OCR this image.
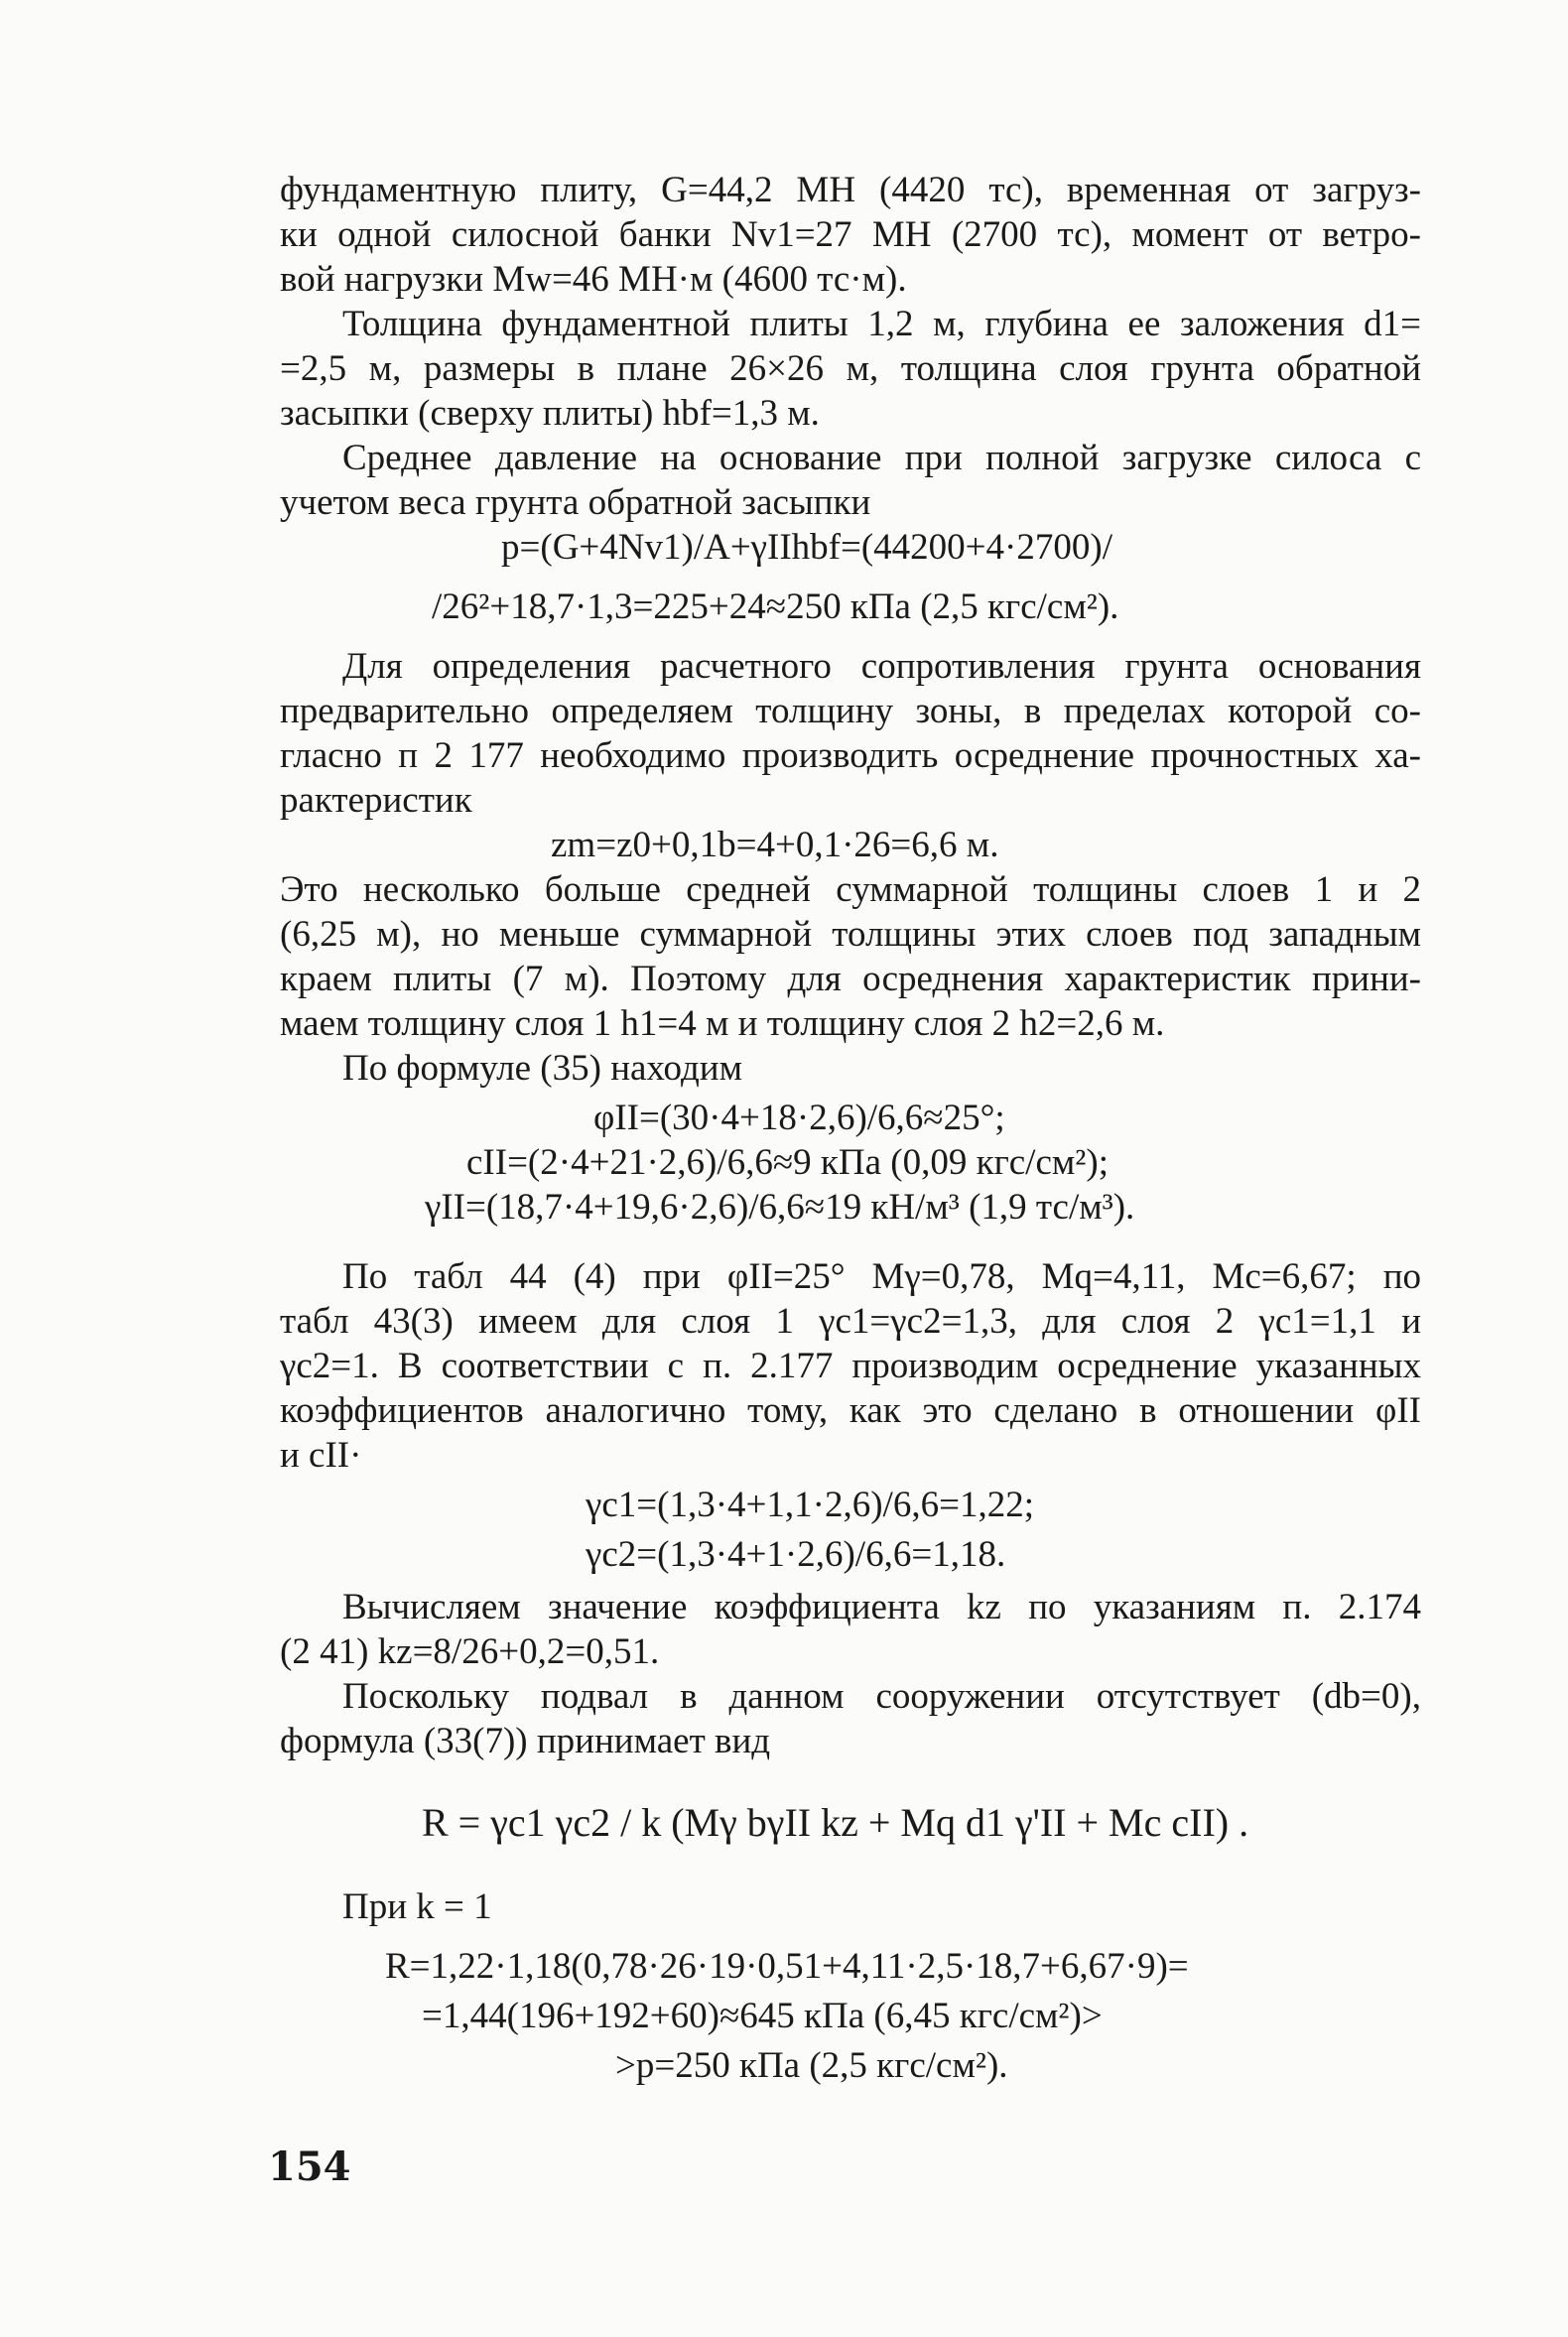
фундаментную плиту, G=44,2 МН (4420 тс), временная от загруз-
ки одной силосной банки Nv1=27 МН (2700 тс), момент от ветро-
вой нагрузки Mw=46 МН·м (4600 тс·м).
Толщина фундаментной плиты 1,2 м, глубина ее заложения d1=
=2,5 м, размеры в плане 26×26 м, толщина слоя грунта обратной
засыпки (сверху плиты) hbf=1,3 м.
Среднее давление на основание при полной загрузке силоса с
учетом веса грунта обратной засыпки
p=(G+4Nv1)/A+γIIhbf=(44200+4·2700)/
/26²+18,7·1,3=225+24≈250 кПа (2,5 кгс/см²).
Для определения расчетного сопротивления грунта основания
предварительно определяем толщину зоны, в пределах которой со-
гласно п 2 177 необходимо производить осреднение прочностных ха-
рактеристик
zm=z0+0,1b=4+0,1·26=6,6 м.
Это несколько больше средней суммарной толщины слоев 1 и 2
(6,25 м), но меньше суммарной толщины этих слоев под западным
краем плиты (7 м). Поэтому для осреднения характеристик прини-
маем толщину слоя 1 h1=4 м и толщину слоя 2 h2=2,6 м.
По формуле (35) находим
φII=(30·4+18·2,6)/6,6≈25°;
cII=(2·4+21·2,6)/6,6≈9 кПа (0,09 кгс/см²);
γII=(18,7·4+19,6·2,6)/6,6≈19 кН/м³ (1,9 тс/м³).
По табл 44 (4) при φII=25° Mγ=0,78, Mq=4,11, Mc=6,67; по
табл 43(3) имеем для слоя 1 γc1=γc2=1,3, для слоя 2 γc1=1,1 и
γc2=1. В соответствии с п. 2.177 производим осреднение указанных
коэффициентов аналогично тому, как это сделано в отношении φII
и cII·
γc1=(1,3·4+1,1·2,6)/6,6=1,22;
γc2=(1,3·4+1·2,6)/6,6=1,18.
Вычисляем значение коэффициента kz по указаниям п. 2.174
(2 41) kz=8/26+0,2=0,51.
Поскольку подвал в данном сооружении отсутствует (db=0),
формула (33(7)) принимает вид
R = γc1 γc2 / k (Mγ bγII kz + Mq d1 γ'II + Mc cII) .
При k = 1
R=1,22·1,18(0,78·26·19·0,51+4,11·2,5·18,7+6,67·9)=
=1,44(196+192+60)≈645 кПа (6,45 кгс/см²)>
>p=250 кПа (2,5 кгс/см²).
154
